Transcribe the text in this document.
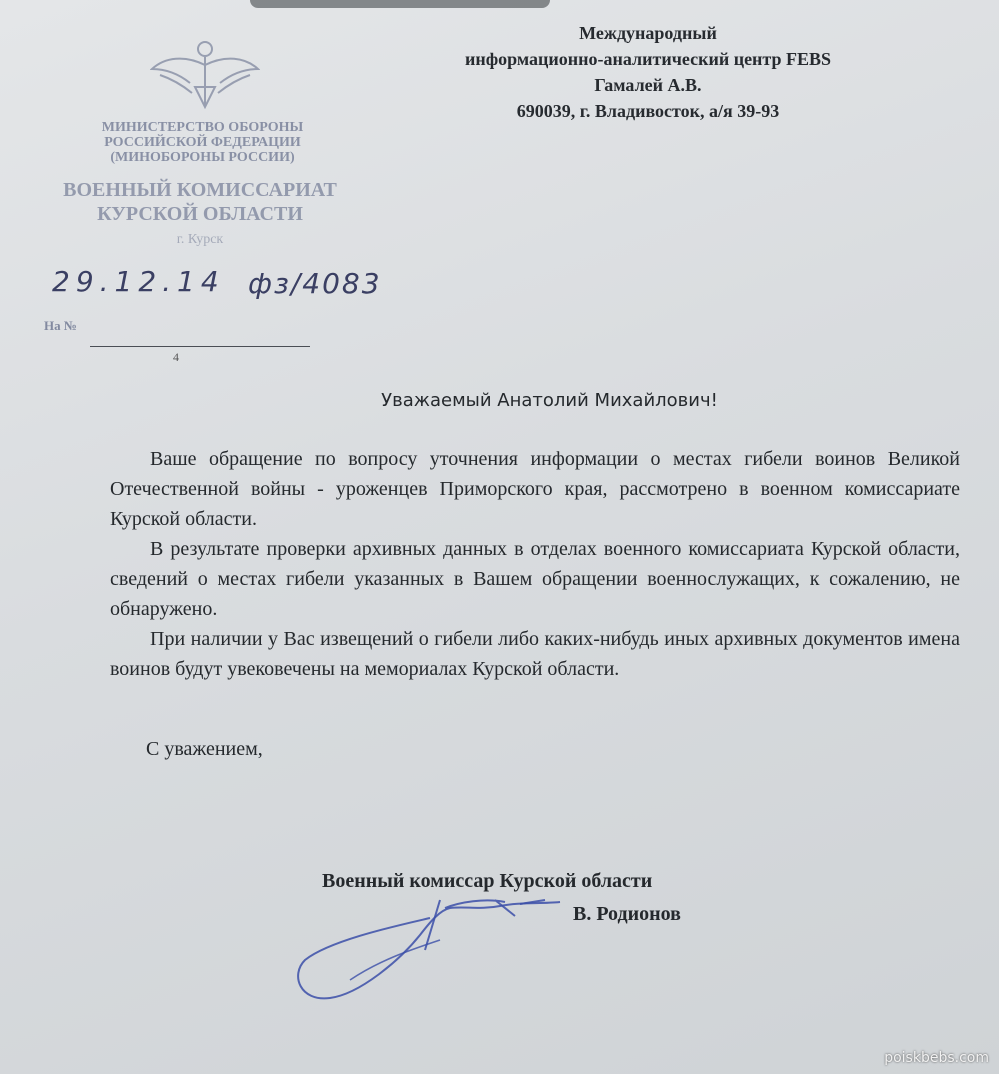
Международный
информационно-аналитический центр FEBS
Гамалей А.В.
690039, г. Владивосток, а/я 39-93
МИНИСТЕРСТВО ОБОРОНЫ
РОССИЙСКОЙ ФЕДЕРАЦИИ
(МИНОБОРОНЫ РОССИИ)
ВОЕННЫЙ КОМИССАРИАТ
КУРСКОЙ ОБЛАСТИ
г. Курск
29.12.14 фз/4083
На №
4
Уважаемый Анатолий Михайлович!

Ваше обращение по вопросу уточнения информации о местах гибели воинов Великой Отечественной войны - уроженцев Приморского края, рассмотрено в военном комиссариате Курской области.

В результате проверки архивных данных в отделах военного комиссариата Курской области, сведений о местах гибели указанных в Вашем обращении военнослужащих, к сожалению, не обнаружено.

При наличии у Вас извещений о гибели либо каких-нибудь иных архивных документов имена воинов будут увековечены на мемориалах Курской области.

С уважением,
Военный комиссар Курской области
В. Родионов
poiskbebs.com
